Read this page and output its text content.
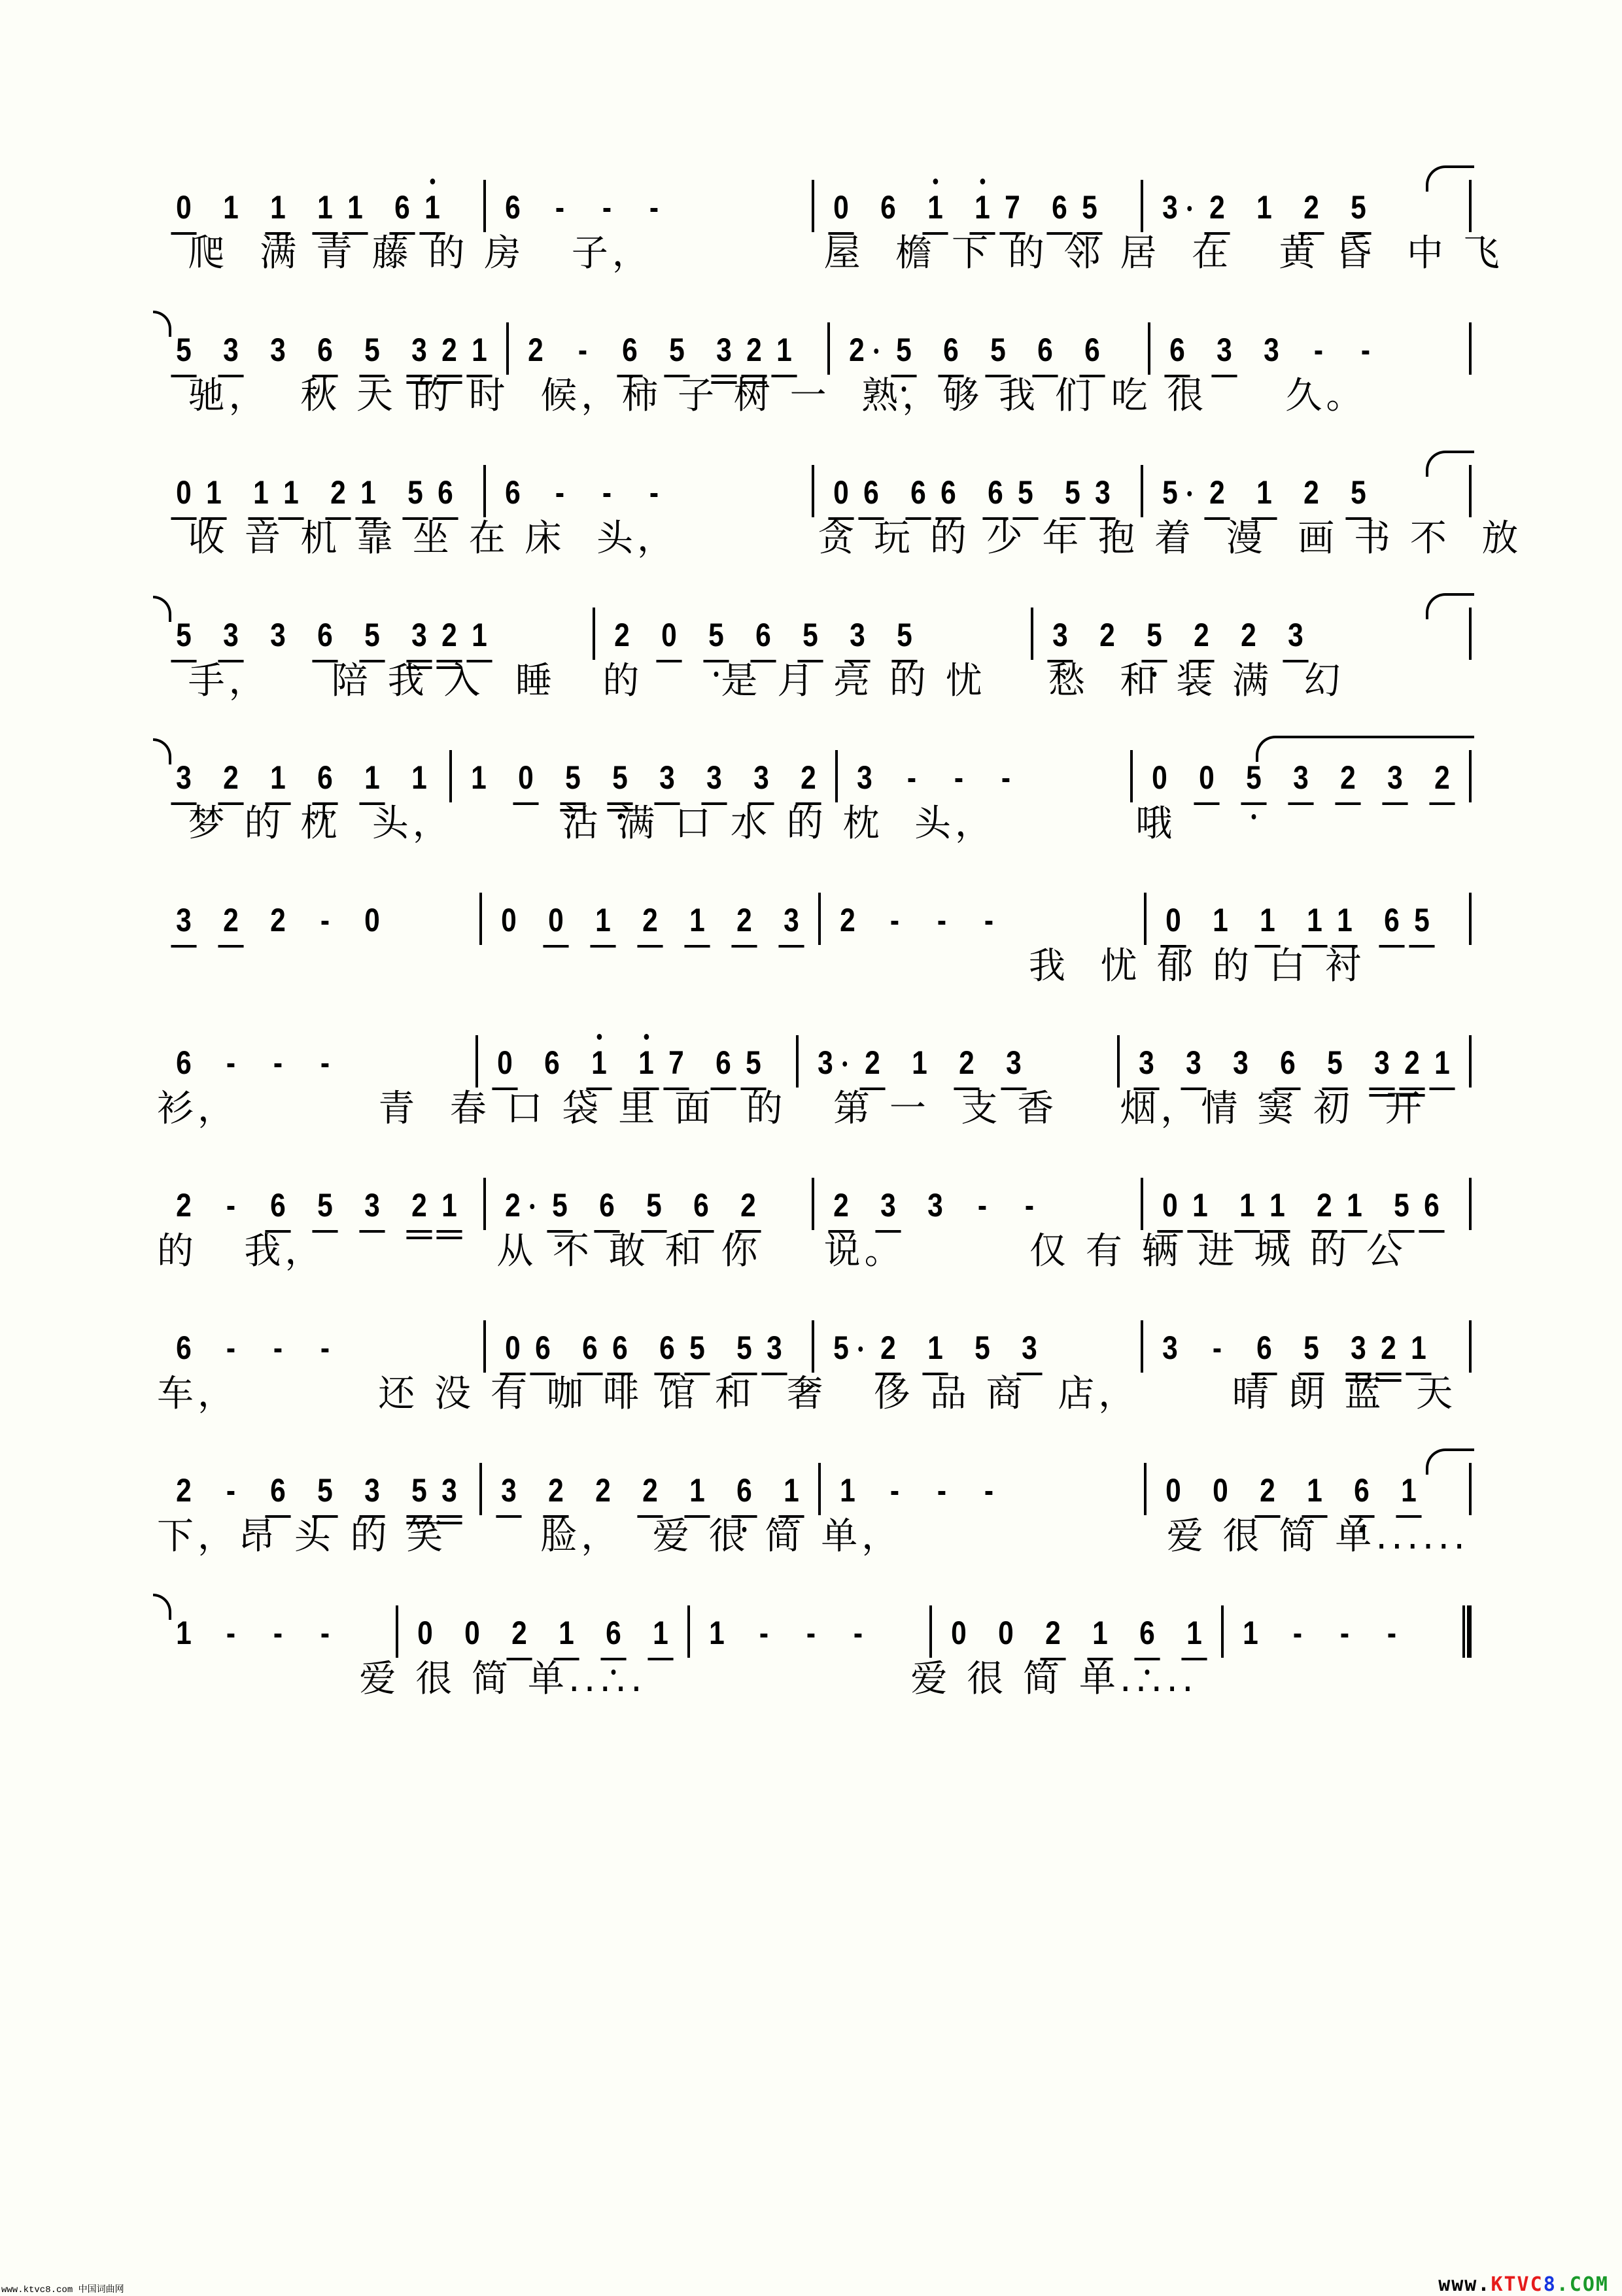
0 1 1 1 1 6 1 6 - - -	0 6 1 1 7 6 5 3 2 1 2 5
爬  满 青 藤 的 房   子，           屋  檐 下 的 邻 居  在   黄 昏  中 飞
5 3 3 6 5 3 2 1 2 - 6 5 3 2 1 2 5 6 5 6 6 6 3 3 - -
驰，  秋 天 的 时  候，柿 子 树 一  熟，够 我 们 吃 很     久。
0 1 1 1 2 1 5 6 6 - - -	0 6 6 6 6 5 5 3 5 2 1 2 5
收 音 机 靠 坐 在 床  头，         贪 玩 的 少 年 抱 着  漫  画 书 不  放
5 3 3 6 5 3 2 1	2 0 5 6 5 3 5	3 2 5 2 2 3
手，    陪 我 入  睡   的     是 月 亮 的 忧    愁  和 装 满  幻
3 2 1 6 1 1 1 0 5 5 3 3 3 2 3 - - -	0 0 5 3 2 3 2
梦 的 枕  头，       沾 满 口 水 的 枕  头，         哦
3 2 2 - 0	0 0 1 2 1 2 3 2 - - -	0 1 1 1 1 6 5
我  忧 郁 的 白 衬
6 - - -	0 6 1 1 7 6 5 3 2 1 2 3	3 3 3 6 5 3 2 1
衫，         青  春 口 袋 里 面  的   第 一  支 香    烟，情 窦 初  开
2 - 6 5 3 2 1 2 5 6 5 6 2 2 3 3 - -	0 1 1 1 2 1 5 6
的   我，           从 不 敢 和 你    说。        仅 有 辆 进 城 的 公
6 - - -	0 6 6 6 6 5 5 3 5 2 1 5 3	3 - 6 5 3 2 1
车，         还 没 有 咖 啡 馆 和  奢   侈 品 商  店，      晴 朗 蓝  天
2 - 6 5 3 5 3 3 2 2 2 1 6 1 1 - - -	0 0 2 1 6 1
下，昂 头 的 笑      脸，  爱 很 简 单，                 爱 很 简 单......
1 - - -	0 0 2 1 6 1 1 - - -	0 0 2 1 6 1 1 - - -
爱 很 简 单.....                 爱 很 简 单.....
www.ktvc8.com 中国词曲网	www.KTVC8.COM
